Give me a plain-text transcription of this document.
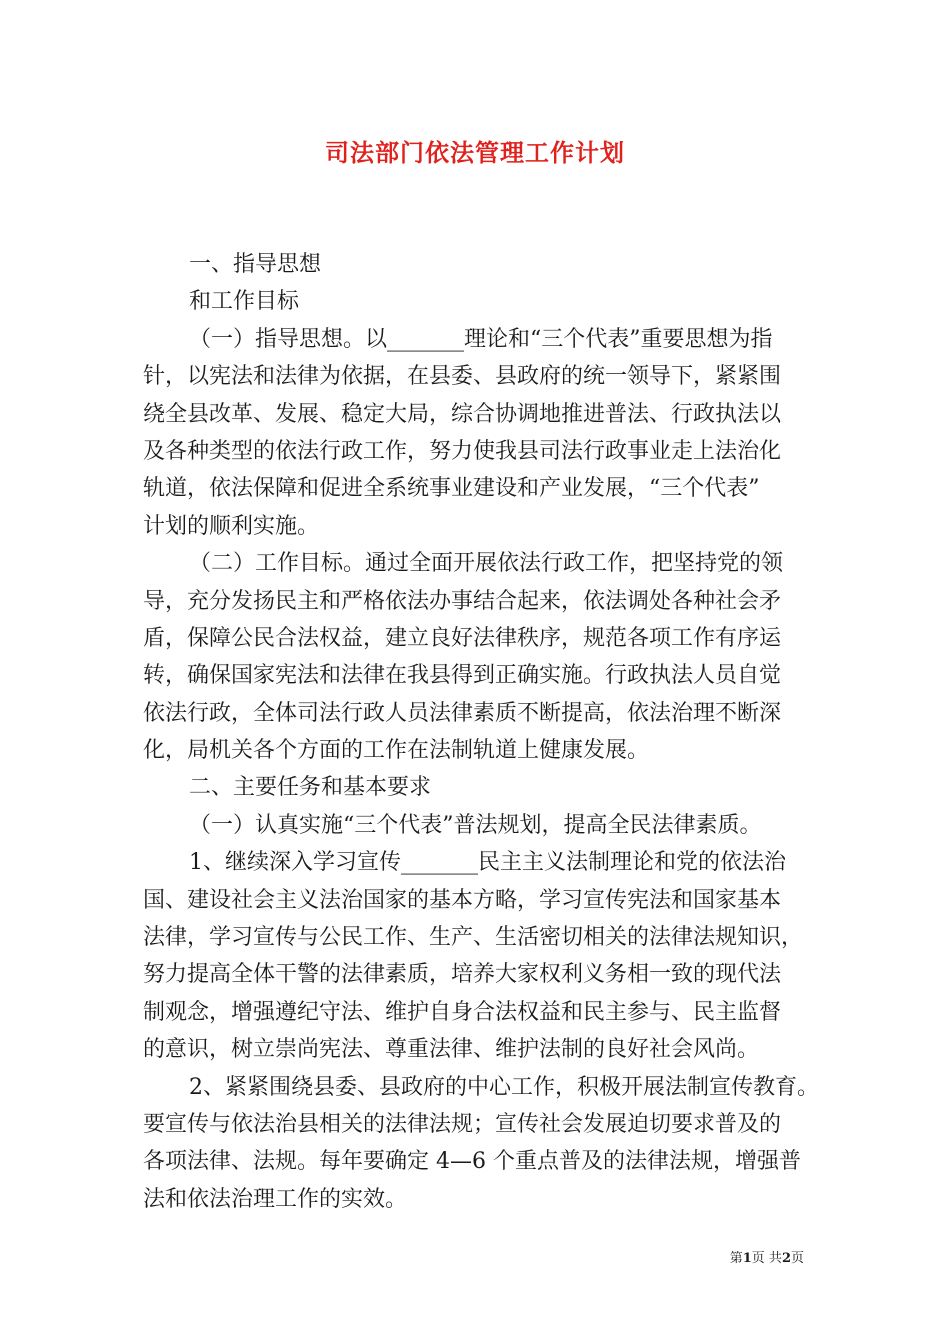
司法部门依法管理工作计划

一、指导思想

和工作目标

（一）指导思想。以_______理论和“三个代表”重要思想为指

针，以宪法和法律为依据，在县委、县政府的统一领导下，紧紧围

绕全县改革、发展、稳定大局，综合协调地推进普法、行政执法以

及各种类型的依法行政工作，努力使我县司法行政事业走上法治化

轨道，依法保障和促进全系统事业建设和产业发展，“三个代表”

计划的顺利实施。

（二）工作目标。通过全面开展依法行政工作，把坚持党的领

导，充分发扬民主和严格依法办事结合起来，依法调处各种社会矛

盾，保障公民合法权益，建立良好法律秩序，规范各项工作有序运

转，确保国家宪法和法律在我县得到正确实施。行政执法人员自觉

依法行政，全体司法行政人员法律素质不断提高，依法治理不断深

化，局机关各个方面的工作在法制轨道上健康发展。

二、主要任务和基本要求

（一）认真实施“三个代表”普法规划，提高全民法律素质。

1、继续深入学习宣传_______民主主义法制理论和党的依法治

国、建设社会主义法治国家的基本方略，学习宣传宪法和国家基本

法律，学习宣传与公民工作、生产、生活密切相关的法律法规知识，

努力提高全体干警的法律素质，培养大家权利义务相一致的现代法

制观念，增强遵纪守法、维护自身合法权益和民主参与、民主监督

的意识，树立崇尚宪法、尊重法律、维护法制的良好社会风尚。

2、紧紧围绕县委、县政府的中心工作，积极开展法制宣传教育。

要宣传与依法治县相关的法律法规；宣传社会发展迫切要求普及的

各项法律、法规。每年要确定 4—6 个重点普及的法律法规，增强普

法和依法治理工作的实效。

第1页 共2页
